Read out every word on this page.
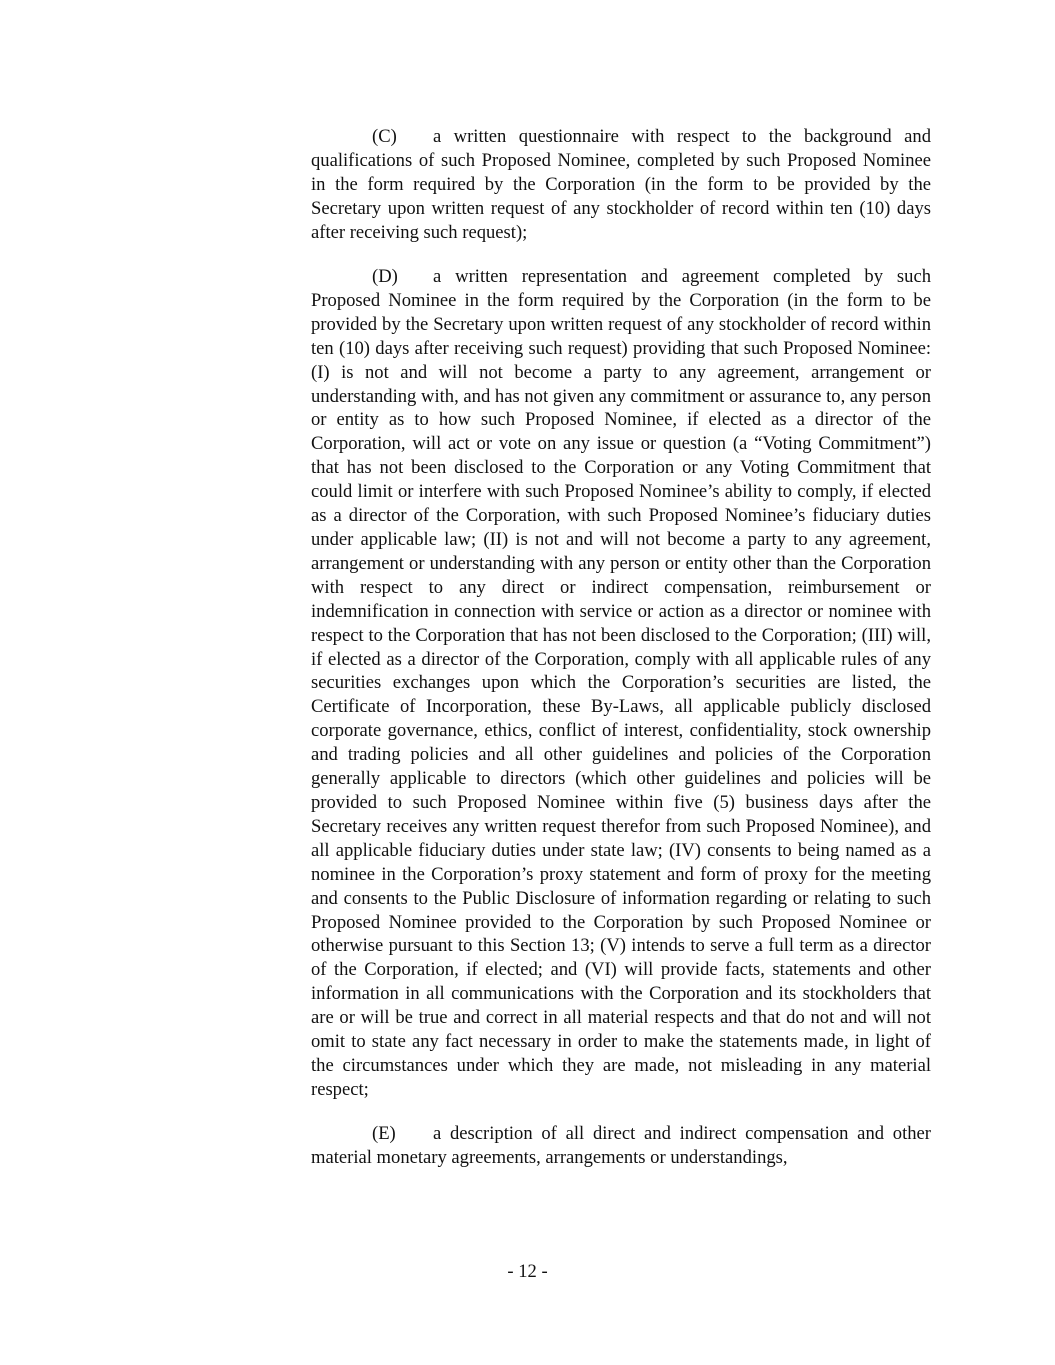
(C) a written questionnaire with respect to the background and qualifications of such Proposed Nominee, completed by such Proposed Nominee in the form required by the Corporation (in the form to be provided by the Secretary upon written request of any stockholder of record within ten (10) days after receiving such request);

(D) a written representation and agreement completed by such Proposed Nominee in the form required by the Corporation (in the form to be provided by the Secretary upon written request of any stockholder of record within ten (10) days after receiving such request) providing that such Proposed Nominee: (I) is not and will not become a party to any agreement, arrangement or understanding with, and has not given any commitment or assurance to, any person or entity as to how such Proposed Nominee, if elected as a director of the Corporation, will act or vote on any issue or question (a “Voting Commitment”) that has not been disclosed to the Corporation or any Voting Commitment that could limit or interfere with such Proposed Nominee’s ability to comply, if elected as a director of the Corporation, with such Proposed Nominee’s fiduciary duties under applicable law; (II) is not and will not become a party to any agreement, arrangement or understanding with any person or entity other than the Corporation with respect to any direct or indirect compensation, reimbursement or indemnification in connection with service or action as a director or nominee with respect to the Corporation that has not been disclosed to the Corporation; (III) will, if elected as a director of the Corporation, comply with all applicable rules of any securities exchanges upon which the Corporation’s securities are listed, the Certificate of Incorporation, these By-Laws, all applicable publicly disclosed corporate governance, ethics, conflict of interest, confidentiality, stock ownership and trading policies and all other guidelines and policies of the Corporation generally applicable to directors (which other guidelines and policies will be provided to such Proposed Nominee within five (5) business days after the Secretary receives any written request therefor from such Proposed Nominee), and all applicable fiduciary duties under state law; (IV) consents to being named as a nominee in the Corporation’s proxy statement and form of proxy for the meeting and consents to the Public Disclosure of information regarding or relating to such Proposed Nominee provided to the Corporation by such Proposed Nominee or otherwise pursuant to this Section 13; (V) intends to serve a full term as a director of the Corporation, if elected; and (VI) will provide facts, statements and other information in all communications with the Corporation and its stockholders that are or will be true and correct in all material respects and that do not and will not omit to state any fact necessary in order to make the statements made, in light of the circumstances under which they are made, not misleading in any material respect;

(E) a description of all direct and indirect compensation and other material monetary agreements, arrangements or understandings,

- 12 -
